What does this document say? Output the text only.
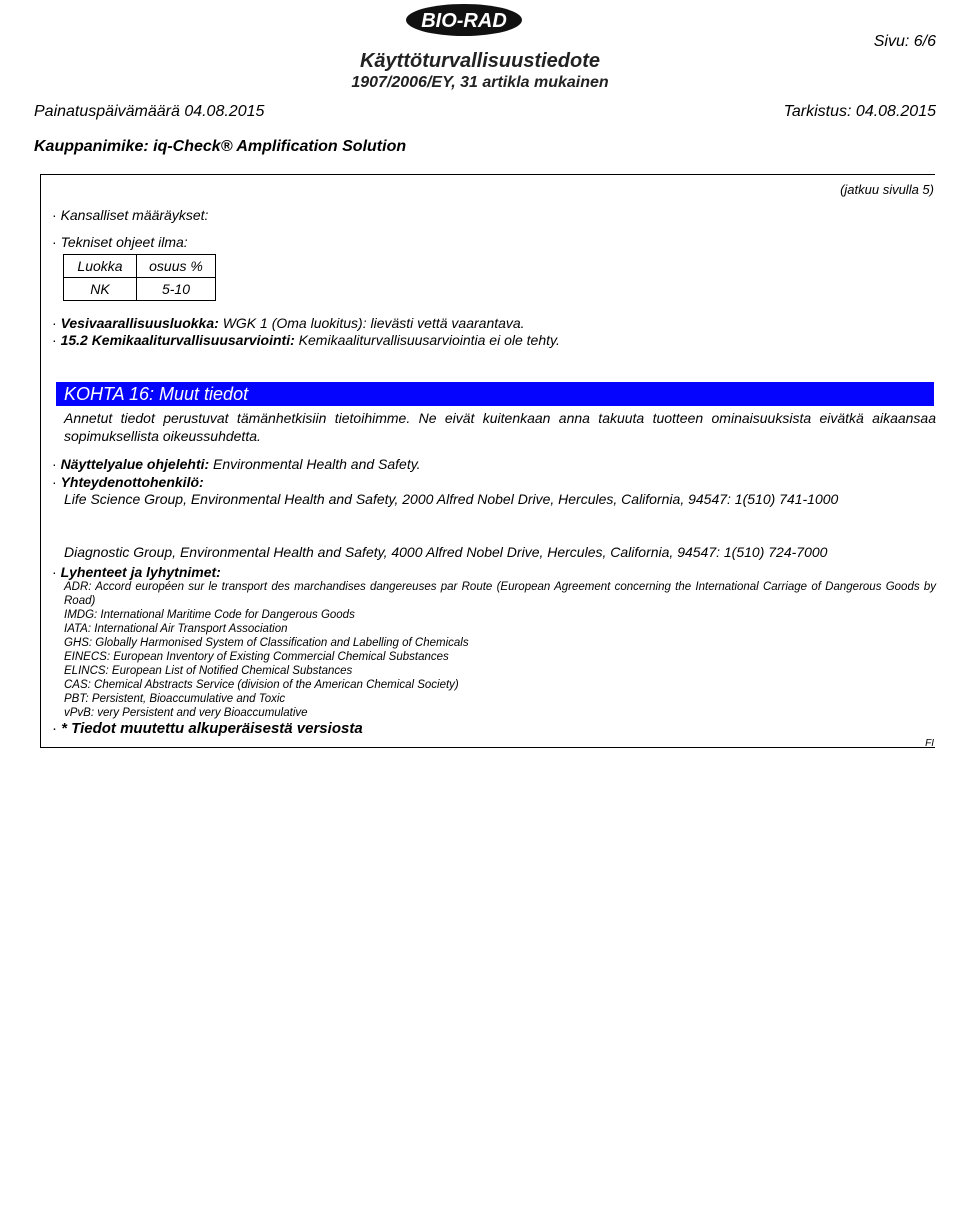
BIO-RAD
Sivu: 6/6
Käyttöturvallisuustiedote
1907/2006/EY, 31 artikla mukainen
Painatuspäivämäärä 04.08.2015	Tarkistus: 04.08.2015
Kauppanimike: iq-Check® Amplification Solution
(jatkuu sivulla 5)
· Kansalliset määräykset:
· Tekniset ohjeet ilma:
Luokka	osuus %
NK	5-10
· Vesivaarallisuusluokka: WGK 1 (Oma luokitus): lievästi vettä vaarantava.
· 15.2 Kemikaaliturvallisuusarviointi: Kemikaaliturvallisuusarviointia ei ole tehty.
KOHTA 16: Muut tiedot
Annetut tiedot perustuvat tämänhetkisiin tietoihimme. Ne eivät kuitenkaan anna takuuta tuotteen ominaisuuksista eivätkä aikaansaa sopimuksellista oikeussuhdetta.
· Näyttelyalue ohjelehti: Environmental Health and Safety.
· Yhteydenottohenkilö:
Life Science Group, Environmental Health and Safety, 2000 Alfred Nobel Drive, Hercules, California, 94547: 1(510) 741-1000
Diagnostic Group, Environmental Health and Safety, 4000 Alfred Nobel Drive, Hercules, California, 94547: 1(510) 724-7000
· Lyhenteet ja lyhytnimet:
ADR: Accord européen sur le transport des marchandises dangereuses par Route (European Agreement concerning the International Carriage of Dangerous Goods by Road)
IMDG: International Maritime Code for Dangerous Goods
IATA: International Air Transport Association
GHS: Globally Harmonised System of Classification and Labelling of Chemicals
EINECS: European Inventory of Existing Commercial Chemical Substances
ELINCS: European List of Notified Chemical Substances
CAS: Chemical Abstracts Service (division of the American Chemical Society)
PBT: Persistent, Bioaccumulative and Toxic
vPvB: very Persistent and very Bioaccumulative
· * Tiedot muutettu alkuperäisestä versiosta
FI
